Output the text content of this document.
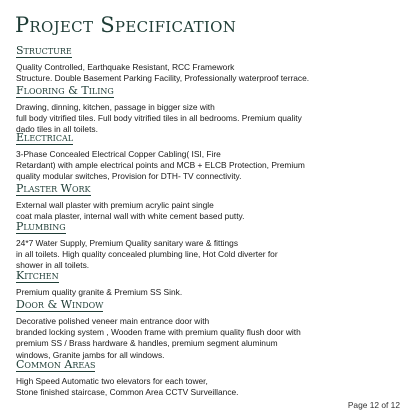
Project Specification
Structure
Quality Controlled, Earthquake Resistant, RCC Framework
Structure. Double Basement Parking Facility, Professionally waterproof terrace.
Flooring & Tiling
Drawing, dinning, kitchen, passage in bigger size with
full body vitrified tiles. Full body vitrified tiles in all bedrooms. Premium quality
dado tiles in all toilets.
Electrical
3-Phase Concealed Electrical Copper Cabling( ISI, Fire
Retardant) with ample electrical points and MCB + ELCB Protection, Premium
quality modular switches, Provision for DTH- TV connectivity.
Plaster Work
External wall plaster with premium acrylic paint single
coat mala plaster, internal wall with white cement based putty.
Plumbing
24*7 Water Supply, Premium Quality sanitary ware & fittings
in all toilets. High quality concealed plumbing line, Hot Cold diverter for
shower in all toilets.
Kitchen
Premium quality granite & Premium SS Sink.
Door & Window
Decorative polished veneer main entrance door with
branded locking system , Wooden frame with premium quality flush door with
premium SS / Brass hardware & handles, premium segment aluminum
windows, Granite jambs for all windows.
Common Areas
High Speed Automatic two elevators for each tower,
Stone finished staircase, Common Area CCTV Surveillance.
Page 12 of 12
